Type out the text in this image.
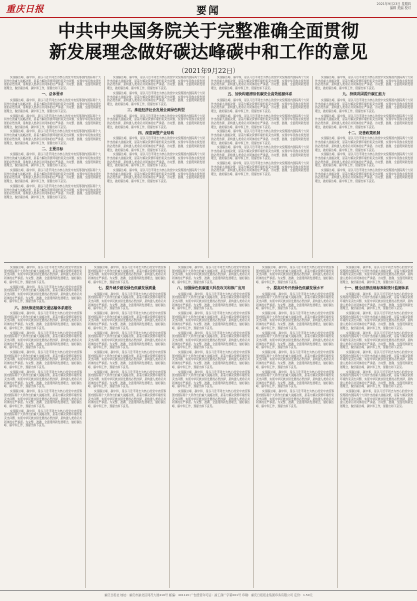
重庆日报	要闻
2021年9月23日 星期四
编辑 美编 校对
中共中央国务院关于完整准确全面贯彻
新发展理念做好碳达峰碳中和工作的意见
（2021年9月22日）

实现碳达峰、碳中和，是以习近平同志为核心的党中央统筹国内国际两个大局作出的重大战略决策，是着力解决资源环境约束突出问题、实现中华民族永续发展的必然选择，是构建人类命运共同体的庄严承诺。为完整、准确、全面贯彻新发展理念，做好碳达峰、碳中和工作，现提出如下意见。

一、总体要求

实现碳达峰、碳中和，是以习近平同志为核心的党中央统筹国内国际两个大局作出的重大战略决策，是着力解决资源环境约束突出问题、实现中华民族永续发展的必然选择，是构建人类命运共同体的庄严承诺。为完整、准确、全面贯彻新发展理念，做好碳达峰、碳中和工作，现提出如下意见。

实现碳达峰、碳中和，是以习近平同志为核心的党中央统筹国内国际两个大局作出的重大战略决策，是着力解决资源环境约束突出问题、实现中华民族永续发展的必然选择，是构建人类命运共同体的庄严承诺。为完整、准确、全面贯彻新发展理念，做好碳达峰、碳中和工作，现提出如下意见。

实现碳达峰、碳中和，是以习近平同志为核心的党中央统筹国内国际两个大局作出的重大战略决策，是着力解决资源环境约束突出问题、实现中华民族永续发展的必然选择，是构建人类命运共同体的庄严承诺。为完整、准确、全面贯彻新发展理念，做好碳达峰、碳中和工作，现提出如下意见。

二、主要目标

实现碳达峰、碳中和，是以习近平同志为核心的党中央统筹国内国际两个大局作出的重大战略决策，是着力解决资源环境约束突出问题、实现中华民族永续发展的必然选择，是构建人类命运共同体的庄严承诺。为完整、准确、全面贯彻新发展理念，做好碳达峰、碳中和工作，现提出如下意见。

实现碳达峰、碳中和，是以习近平同志为核心的党中央统筹国内国际两个大局作出的重大战略决策，是着力解决资源环境约束突出问题、实现中华民族永续发展的必然选择，是构建人类命运共同体的庄严承诺。为完整、准确、全面贯彻新发展理念，做好碳达峰、碳中和工作，现提出如下意见。

实现碳达峰、碳中和，是以习近平同志为核心的党中央统筹国内国际两个大局作出的重大战略决策，是着力解决资源环境约束突出问题、实现中华民族永续发展的必然选择，是构建人类命运共同体的庄严承诺。为完整、准确、全面贯彻新发展理念，做好碳达峰、碳中和工作，现提出如下意见。

实现碳达峰、碳中和，是以习近平同志为核心的党中央统筹国内国际两个大局作出的重大战略决策，是着力解决资源环境约束突出问题、实现中华民族永续发展的必然选择，是构建人类命运共同体的庄严承诺。为完整、准确、全面贯彻新发展理念，做好碳达峰、碳中和工作，现提出如下意见。

实现碳达峰、碳中和，是以习近平同志为核心的党中央统筹国内国际两个大局作出的重大战略决策，是着力解决资源环境约束突出问题、实现中华民族永续发展的必然选择，是构建人类命运共同体的庄严承诺。为完整、准确、全面贯彻新发展理念，做好碳达峰、碳中和工作，现提出如下意见。

三、推进经济社会发展全面绿色转型

实现碳达峰、碳中和，是以习近平同志为核心的党中央统筹国内国际两个大局作出的重大战略决策，是着力解决资源环境约束突出问题、实现中华民族永续发展的必然选择，是构建人类命运共同体的庄严承诺。为完整、准确、全面贯彻新发展理念，做好碳达峰、碳中和工作，现提出如下意见。

四、深度调整产业结构

实现碳达峰、碳中和，是以习近平同志为核心的党中央统筹国内国际两个大局作出的重大战略决策，是着力解决资源环境约束突出问题、实现中华民族永续发展的必然选择，是构建人类命运共同体的庄严承诺。为完整、准确、全面贯彻新发展理念，做好碳达峰、碳中和工作，现提出如下意见。

实现碳达峰、碳中和，是以习近平同志为核心的党中央统筹国内国际两个大局作出的重大战略决策，是着力解决资源环境约束突出问题、实现中华民族永续发展的必然选择，是构建人类命运共同体的庄严承诺。为完整、准确、全面贯彻新发展理念，做好碳达峰、碳中和工作，现提出如下意见。

实现碳达峰、碳中和，是以习近平同志为核心的党中央统筹国内国际两个大局作出的重大战略决策，是着力解决资源环境约束突出问题、实现中华民族永续发展的必然选择，是构建人类命运共同体的庄严承诺。为完整、准确、全面贯彻新发展理念，做好碳达峰、碳中和工作，现提出如下意见。

实现碳达峰、碳中和，是以习近平同志为核心的党中央统筹国内国际两个大局作出的重大战略决策，是着力解决资源环境约束突出问题、实现中华民族永续发展的必然选择，是构建人类命运共同体的庄严承诺。为完整、准确、全面贯彻新发展理念，做好碳达峰、碳中和工作，现提出如下意见。

五、加快构建清洁低碳安全高效能源体系

实现碳达峰、碳中和，是以习近平同志为核心的党中央统筹国内国际两个大局作出的重大战略决策，是着力解决资源环境约束突出问题、实现中华民族永续发展的必然选择，是构建人类命运共同体的庄严承诺。为完整、准确、全面贯彻新发展理念，做好碳达峰、碳中和工作，现提出如下意见。

实现碳达峰、碳中和，是以习近平同志为核心的党中央统筹国内国际两个大局作出的重大战略决策，是着力解决资源环境约束突出问题、实现中华民族永续发展的必然选择，是构建人类命运共同体的庄严承诺。为完整、准确、全面贯彻新发展理念，做好碳达峰、碳中和工作，现提出如下意见。

实现碳达峰、碳中和，是以习近平同志为核心的党中央统筹国内国际两个大局作出的重大战略决策，是着力解决资源环境约束突出问题、实现中华民族永续发展的必然选择，是构建人类命运共同体的庄严承诺。为完整、准确、全面贯彻新发展理念，做好碳达峰、碳中和工作，现提出如下意见。

实现碳达峰、碳中和，是以习近平同志为核心的党中央统筹国内国际两个大局作出的重大战略决策，是着力解决资源环境约束突出问题、实现中华民族永续发展的必然选择，是构建人类命运共同体的庄严承诺。为完整、准确、全面贯彻新发展理念，做好碳达峰、碳中和工作，现提出如下意见。

实现碳达峰、碳中和，是以习近平同志为核心的党中央统筹国内国际两个大局作出的重大战略决策，是着力解决资源环境约束突出问题、实现中华民族永续发展的必然选择，是构建人类命运共同体的庄严承诺。为完整、准确、全面贯彻新发展理念，做好碳达峰、碳中和工作，现提出如下意见。

实现碳达峰、碳中和，是以习近平同志为核心的党中央统筹国内国际两个大局作出的重大战略决策，是着力解决资源环境约束突出问题、实现中华民族永续发展的必然选择，是构建人类命运共同体的庄严承诺。为完整、准确、全面贯彻新发展理念，做好碳达峰、碳中和工作，现提出如下意见。

九、持续巩固提升碳汇能力

实现碳达峰、碳中和，是以习近平同志为核心的党中央统筹国内国际两个大局作出的重大战略决策，是着力解决资源环境约束突出问题、实现中华民族永续发展的必然选择，是构建人类命运共同体的庄严承诺。为完整、准确、全面贯彻新发展理念，做好碳达峰、碳中和工作，现提出如下意见。

实现碳达峰、碳中和，是以习近平同志为核心的党中央统筹国内国际两个大局作出的重大战略决策，是着力解决资源环境约束突出问题、实现中华民族永续发展的必然选择，是构建人类命运共同体的庄严承诺。为完整、准确、全面贯彻新发展理念，做好碳达峰、碳中和工作，现提出如下意见。

十二、完善政策机制

实现碳达峰、碳中和，是以习近平同志为核心的党中央统筹国内国际两个大局作出的重大战略决策，是着力解决资源环境约束突出问题、实现中华民族永续发展的必然选择，是构建人类命运共同体的庄严承诺。为完整、准确、全面贯彻新发展理念，做好碳达峰、碳中和工作，现提出如下意见。

实现碳达峰、碳中和，是以习近平同志为核心的党中央统筹国内国际两个大局作出的重大战略决策，是着力解决资源环境约束突出问题、实现中华民族永续发展的必然选择，是构建人类命运共同体的庄严承诺。为完整、准确、全面贯彻新发展理念，做好碳达峰、碳中和工作，现提出如下意见。

实现碳达峰、碳中和，是以习近平同志为核心的党中央统筹国内国际两个大局作出的重大战略决策，是着力解决资源环境约束突出问题、实现中华民族永续发展的必然选择，是构建人类命运共同体的庄严承诺。为完整、准确、全面贯彻新发展理念，做好碳达峰、碳中和工作，现提出如下意见。

实现碳达峰、碳中和，是以习近平同志为核心的党中央统筹国内国际两个大局作出的重大战略决策，是着力解决资源环境约束突出问题、实现中华民族永续发展的必然选择，是构建人类命运共同体的庄严承诺。为完整、准确、全面贯彻新发展理念，做好碳达峰、碳中和工作，现提出如下意见。

实现碳达峰、碳中和，是以习近平同志为核心的党中央统筹国内国际两个大局作出的重大战略决策，是着力解决资源环境约束突出问题、实现中华民族永续发展的必然选择，是构建人类命运共同体的庄严承诺。为完整、准确、全面贯彻新发展理念，做好碳达峰、碳中和工作，现提出如下意见。

六、加快推进低碳交通运输体系建设

实现碳达峰、碳中和，是以习近平同志为核心的党中央统筹国内国际两个大局作出的重大战略决策，是着力解决资源环境约束突出问题、实现中华民族永续发展的必然选择，是构建人类命运共同体的庄严承诺。为完整、准确、全面贯彻新发展理念，做好碳达峰、碳中和工作，现提出如下意见。

实现碳达峰、碳中和，是以习近平同志为核心的党中央统筹国内国际两个大局作出的重大战略决策，是着力解决资源环境约束突出问题、实现中华民族永续发展的必然选择，是构建人类命运共同体的庄严承诺。为完整、准确、全面贯彻新发展理念，做好碳达峰、碳中和工作，现提出如下意见。

实现碳达峰、碳中和，是以习近平同志为核心的党中央统筹国内国际两个大局作出的重大战略决策，是着力解决资源环境约束突出问题、实现中华民族永续发展的必然选择，是构建人类命运共同体的庄严承诺。为完整、准确、全面贯彻新发展理念，做好碳达峰、碳中和工作，现提出如下意见。

实现碳达峰、碳中和，是以习近平同志为核心的党中央统筹国内国际两个大局作出的重大战略决策，是着力解决资源环境约束突出问题、实现中华民族永续发展的必然选择，是构建人类命运共同体的庄严承诺。为完整、准确、全面贯彻新发展理念，做好碳达峰、碳中和工作，现提出如下意见。

实现碳达峰、碳中和，是以习近平同志为核心的党中央统筹国内国际两个大局作出的重大战略决策，是着力解决资源环境约束突出问题、实现中华民族永续发展的必然选择，是构建人类命运共同体的庄严承诺。为完整、准确、全面贯彻新发展理念，做好碳达峰、碳中和工作，现提出如下意见。

实现碳达峰、碳中和，是以习近平同志为核心的党中央统筹国内国际两个大局作出的重大战略决策，是着力解决资源环境约束突出问题、实现中华民族永续发展的必然选择，是构建人类命运共同体的庄严承诺。为完整、准确、全面贯彻新发展理念，做好碳达峰、碳中和工作，现提出如下意见。

实现碳达峰、碳中和，是以习近平同志为核心的党中央统筹国内国际两个大局作出的重大战略决策，是着力解决资源环境约束突出问题、实现中华民族永续发展的必然选择，是构建人类命运共同体的庄严承诺。为完整、准确、全面贯彻新发展理念，做好碳达峰、碳中和工作，现提出如下意见。

七、提升城乡建设绿色低碳发展质量

实现碳达峰、碳中和，是以习近平同志为核心的党中央统筹国内国际两个大局作出的重大战略决策，是着力解决资源环境约束突出问题、实现中华民族永续发展的必然选择，是构建人类命运共同体的庄严承诺。为完整、准确、全面贯彻新发展理念，做好碳达峰、碳中和工作，现提出如下意见。

实现碳达峰、碳中和，是以习近平同志为核心的党中央统筹国内国际两个大局作出的重大战略决策，是着力解决资源环境约束突出问题、实现中华民族永续发展的必然选择，是构建人类命运共同体的庄严承诺。为完整、准确、全面贯彻新发展理念，做好碳达峰、碳中和工作，现提出如下意见。

实现碳达峰、碳中和，是以习近平同志为核心的党中央统筹国内国际两个大局作出的重大战略决策，是着力解决资源环境约束突出问题、实现中华民族永续发展的必然选择，是构建人类命运共同体的庄严承诺。为完整、准确、全面贯彻新发展理念，做好碳达峰、碳中和工作，现提出如下意见。

实现碳达峰、碳中和，是以习近平同志为核心的党中央统筹国内国际两个大局作出的重大战略决策，是着力解决资源环境约束突出问题、实现中华民族永续发展的必然选择，是构建人类命运共同体的庄严承诺。为完整、准确、全面贯彻新发展理念，做好碳达峰、碳中和工作，现提出如下意见。

实现碳达峰、碳中和，是以习近平同志为核心的党中央统筹国内国际两个大局作出的重大战略决策，是着力解决资源环境约束突出问题、实现中华民族永续发展的必然选择，是构建人类命运共同体的庄严承诺。为完整、准确、全面贯彻新发展理念，做好碳达峰、碳中和工作，现提出如下意见。

实现碳达峰、碳中和，是以习近平同志为核心的党中央统筹国内国际两个大局作出的重大战略决策，是着力解决资源环境约束突出问题、实现中华民族永续发展的必然选择，是构建人类命运共同体的庄严承诺。为完整、准确、全面贯彻新发展理念，做好碳达峰、碳中和工作，现提出如下意见。

实现碳达峰、碳中和，是以习近平同志为核心的党中央统筹国内国际两个大局作出的重大战略决策，是着力解决资源环境约束突出问题、实现中华民族永续发展的必然选择，是构建人类命运共同体的庄严承诺。为完整、准确、全面贯彻新发展理念，做好碳达峰、碳中和工作，现提出如下意见。

八、加强绿色低碳重大科技攻关和推广应用

实现碳达峰、碳中和，是以习近平同志为核心的党中央统筹国内国际两个大局作出的重大战略决策，是着力解决资源环境约束突出问题、实现中华民族永续发展的必然选择，是构建人类命运共同体的庄严承诺。为完整、准确、全面贯彻新发展理念，做好碳达峰、碳中和工作，现提出如下意见。

实现碳达峰、碳中和，是以习近平同志为核心的党中央统筹国内国际两个大局作出的重大战略决策，是着力解决资源环境约束突出问题、实现中华民族永续发展的必然选择，是构建人类命运共同体的庄严承诺。为完整、准确、全面贯彻新发展理念，做好碳达峰、碳中和工作，现提出如下意见。

实现碳达峰、碳中和，是以习近平同志为核心的党中央统筹国内国际两个大局作出的重大战略决策，是着力解决资源环境约束突出问题、实现中华民族永续发展的必然选择，是构建人类命运共同体的庄严承诺。为完整、准确、全面贯彻新发展理念，做好碳达峰、碳中和工作，现提出如下意见。

实现碳达峰、碳中和，是以习近平同志为核心的党中央统筹国内国际两个大局作出的重大战略决策，是着力解决资源环境约束突出问题、实现中华民族永续发展的必然选择，是构建人类命运共同体的庄严承诺。为完整、准确、全面贯彻新发展理念，做好碳达峰、碳中和工作，现提出如下意见。

实现碳达峰、碳中和，是以习近平同志为核心的党中央统筹国内国际两个大局作出的重大战略决策，是着力解决资源环境约束突出问题、实现中华民族永续发展的必然选择，是构建人类命运共同体的庄严承诺。为完整、准确、全面贯彻新发展理念，做好碳达峰、碳中和工作，现提出如下意见。

实现碳达峰、碳中和，是以习近平同志为核心的党中央统筹国内国际两个大局作出的重大战略决策，是着力解决资源环境约束突出问题、实现中华民族永续发展的必然选择，是构建人类命运共同体的庄严承诺。为完整、准确、全面贯彻新发展理念，做好碳达峰、碳中和工作，现提出如下意见。

实现碳达峰、碳中和，是以习近平同志为核心的党中央统筹国内国际两个大局作出的重大战略决策，是着力解决资源环境约束突出问题、实现中华民族永续发展的必然选择，是构建人类命运共同体的庄严承诺。为完整、准确、全面贯彻新发展理念，做好碳达峰、碳中和工作，现提出如下意见。

十、提高对外开放绿色低碳发展水平

实现碳达峰、碳中和，是以习近平同志为核心的党中央统筹国内国际两个大局作出的重大战略决策，是着力解决资源环境约束突出问题、实现中华民族永续发展的必然选择，是构建人类命运共同体的庄严承诺。为完整、准确、全面贯彻新发展理念，做好碳达峰、碳中和工作，现提出如下意见。

实现碳达峰、碳中和，是以习近平同志为核心的党中央统筹国内国际两个大局作出的重大战略决策，是着力解决资源环境约束突出问题、实现中华民族永续发展的必然选择，是构建人类命运共同体的庄严承诺。为完整、准确、全面贯彻新发展理念，做好碳达峰、碳中和工作，现提出如下意见。

实现碳达峰、碳中和，是以习近平同志为核心的党中央统筹国内国际两个大局作出的重大战略决策，是着力解决资源环境约束突出问题、实现中华民族永续发展的必然选择，是构建人类命运共同体的庄严承诺。为完整、准确、全面贯彻新发展理念，做好碳达峰、碳中和工作，现提出如下意见。

实现碳达峰、碳中和，是以习近平同志为核心的党中央统筹国内国际两个大局作出的重大战略决策，是着力解决资源环境约束突出问题、实现中华民族永续发展的必然选择，是构建人类命运共同体的庄严承诺。为完整、准确、全面贯彻新发展理念，做好碳达峰、碳中和工作，现提出如下意见。

实现碳达峰、碳中和，是以习近平同志为核心的党中央统筹国内国际两个大局作出的重大战略决策，是着力解决资源环境约束突出问题、实现中华民族永续发展的必然选择，是构建人类命运共同体的庄严承诺。为完整、准确、全面贯彻新发展理念，做好碳达峰、碳中和工作，现提出如下意见。

实现碳达峰、碳中和，是以习近平同志为核心的党中央统筹国内国际两个大局作出的重大战略决策，是着力解决资源环境约束突出问题、实现中华民族永续发展的必然选择，是构建人类命运共同体的庄严承诺。为完整、准确、全面贯彻新发展理念，做好碳达峰、碳中和工作，现提出如下意见。

实现碳达峰、碳中和，是以习近平同志为核心的党中央统筹国内国际两个大局作出的重大战略决策，是着力解决资源环境约束突出问题、实现中华民族永续发展的必然选择，是构建人类命运共同体的庄严承诺。为完整、准确、全面贯彻新发展理念，做好碳达峰、碳中和工作，现提出如下意见。

十一、健全法律法规标准和统计监测体系

实现碳达峰、碳中和，是以习近平同志为核心的党中央统筹国内国际两个大局作出的重大战略决策，是着力解决资源环境约束突出问题、实现中华民族永续发展的必然选择，是构建人类命运共同体的庄严承诺。为完整、准确、全面贯彻新发展理念，做好碳达峰、碳中和工作，现提出如下意见。

实现碳达峰、碳中和，是以习近平同志为核心的党中央统筹国内国际两个大局作出的重大战略决策，是着力解决资源环境约束突出问题、实现中华民族永续发展的必然选择，是构建人类命运共同体的庄严承诺。为完整、准确、全面贯彻新发展理念，做好碳达峰、碳中和工作，现提出如下意见。

实现碳达峰、碳中和，是以习近平同志为核心的党中央统筹国内国际两个大局作出的重大战略决策，是着力解决资源环境约束突出问题、实现中华民族永续发展的必然选择，是构建人类命运共同体的庄严承诺。为完整、准确、全面贯彻新发展理念，做好碳达峰、碳中和工作，现提出如下意见。

实现碳达峰、碳中和，是以习近平同志为核心的党中央统筹国内国际两个大局作出的重大战略决策，是着力解决资源环境约束突出问题、实现中华民族永续发展的必然选择，是构建人类命运共同体的庄严承诺。为完整、准确、全面贯彻新发展理念，做好碳达峰、碳中和工作，现提出如下意见。

实现碳达峰、碳中和，是以习近平同志为核心的党中央统筹国内国际两个大局作出的重大战略决策，是着力解决资源环境约束突出问题、实现中华民族永续发展的必然选择，是构建人类命运共同体的庄严承诺。为完整、准确、全面贯彻新发展理念，做好碳达峰、碳中和工作，现提出如下意见。

实现碳达峰、碳中和，是以习近平同志为核心的党中央统筹国内国际两个大局作出的重大战略决策，是着力解决资源环境约束突出问题、实现中华民族永续发展的必然选择，是构建人类命运共同体的庄严承诺。为完整、准确、全面贯彻新发展理念，做好碳达峰、碳中和工作，现提出如下意见。

重庆日报社 地址：重庆市渝北区同茂大道416号 邮编：401120 广告经营许可证：渝工商广字第001号 印刷：重庆日报报业集团印务有限公司 定价：1.50元
